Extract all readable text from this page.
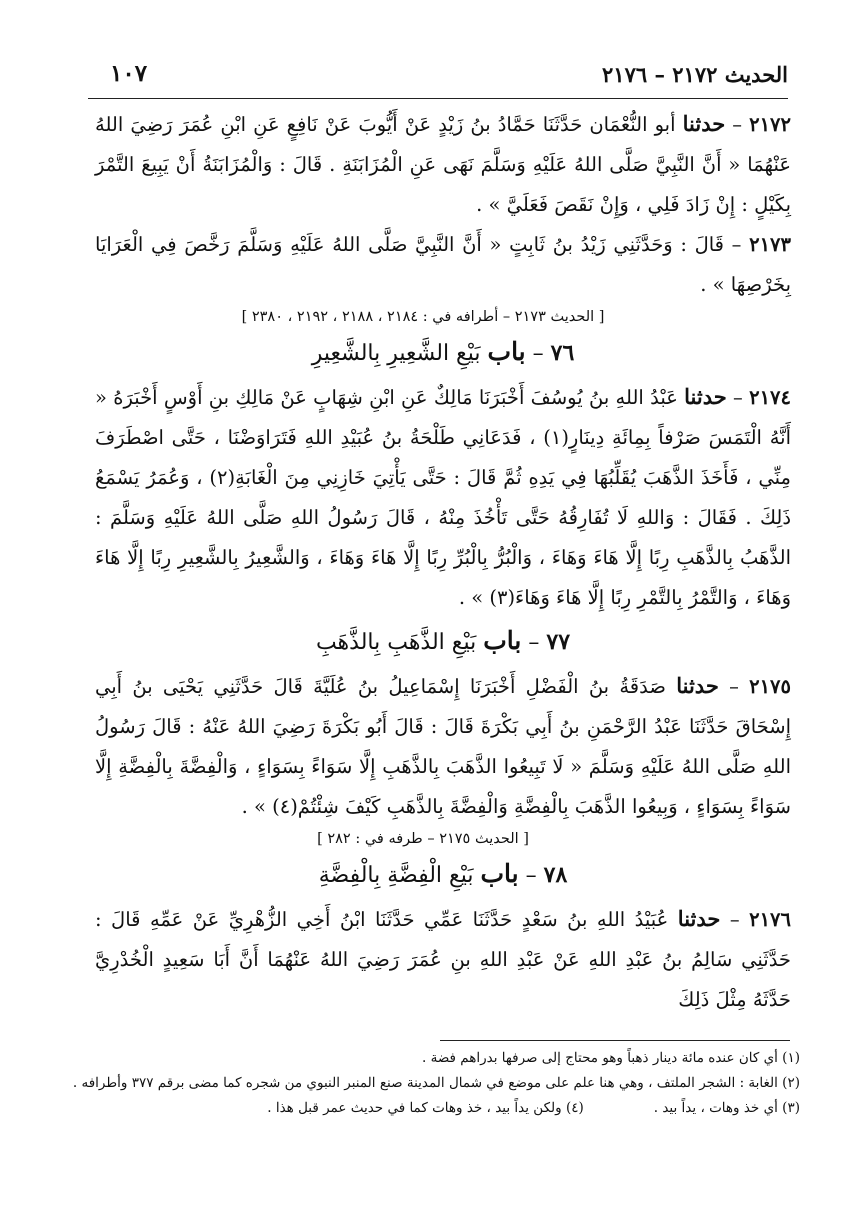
الحديث ٢١٧٢ – ٢١٧٦
١٠٧

٢١٧٢ – حدثنا أبو النُّعْمَان حَدَّثَنَا حَمَّادُ بنُ زَيْدٍ عَنْ أَيُّوبَ عَنْ نَافِعٍ عَنِ ابْنِ عُمَرَ رَضِيَ اللهُ عَنْهُمَا « أَنَّ النَّبِيَّ صَلَّى اللهُ عَلَيْهِ وَسَلَّمَ نَهَى عَنِ الْمُزَابَنَةِ . قَالَ : وَالْمُزَابَنَةُ أَنْ يَبِيعَ التَّمْرَ بِكَيْلٍ : إِنْ زَادَ فَلِي ، وَإِنْ نَقَصَ فَعَلَيَّ » .

٢١٧٣ – قَالَ : وَحَدَّثَنِي زَيْدُ بنُ ثَابِتٍ « أَنَّ النَّبِيَّ صَلَّى اللهُ عَلَيْهِ وَسَلَّمَ رَخَّصَ فِي الْعَرَايَا بِخَرْصِهَا » .

[ الحديث ٢١٧٣ – أطرافه في : ٢١٨٤ ، ٢١٨٨ ، ٢١٩٢ ، ٢٣٨٠ ]

٧٦ – باب بَيْعِ الشَّعِيرِ بِالشَّعِيرِ

٢١٧٤ – حدثنا عَبْدُ اللهِ بنُ يُوسُفَ أَخْبَرَنَا مَالِكٌ عَنِ ابْنِ شِهَابٍ عَنْ مَالِكِ بنِ أَوْسٍ أَخْبَرَهُ « أَنَّهُ الْتَمَسَ صَرْفاً بِمِائَةِ دِينَارٍ(١) ، فَدَعَانِي طَلْحَةُ بنُ عُبَيْدِ اللهِ فَتَرَاوَضْنَا ، حَتَّى اصْطَرَفَ مِنِّي ، فَأَخَذَ الذَّهَبَ يُقَلِّبُهَا فِي يَدِهِ ثُمَّ قَالَ : حَتَّى يَأْتِيَ خَازِنِي مِنَ الْغَابَةِ(٢) ، وَعُمَرُ يَسْمَعُ ذَلِكَ . فَقَالَ : وَاللهِ لَا تُفَارِقُهُ حَتَّى تَأْخُذَ مِنْهُ ، قَالَ رَسُولُ اللهِ صَلَّى اللهُ عَلَيْهِ وَسَلَّمَ : الذَّهَبُ بِالذَّهَبِ رِبًا إِلَّا هَاءَ وَهَاءَ ، وَالْبُرُّ بِالْبُرِّ رِبًا إِلَّا هَاءَ وَهَاءَ ، وَالشَّعِيرُ بِالشَّعِيرِ رِبًا إِلَّا هَاءَ وَهَاءَ ، وَالتَّمْرُ بِالتَّمْرِ رِبًا إِلَّا هَاءَ وَهَاءَ(٣) » .

٧٧ – باب بَيْعِ الذَّهَبِ بِالذَّهَبِ

٢١٧٥ – حدثنا صَدَقَةُ بنُ الْفَضْلِ أَخْبَرَنَا إِسْمَاعِيلُ بنُ عُلَيَّةَ قَالَ حَدَّثَنِي يَحْيَى بنُ أَبِي إِسْحَاقَ حَدَّثَنَا عَبْدُ الرَّحْمَنِ بنُ أَبِي بَكْرَةَ قَالَ : قَالَ أَبُو بَكْرَةَ رَضِيَ اللهُ عَنْهُ : قَالَ رَسُولُ اللهِ صَلَّى اللهُ عَلَيْهِ وَسَلَّمَ « لَا تَبِيعُوا الذَّهَبَ بِالذَّهَبِ إِلَّا سَوَاءً بِسَوَاءٍ ، وَالْفِضَّةَ بِالْفِضَّةِ إِلَّا سَوَاءً بِسَوَاءٍ ، وَبِيعُوا الذَّهَبَ بِالْفِضَّةِ وَالْفِضَّةَ بِالذَّهَبِ كَيْفَ شِئْتُمْ(٤) » .

[ الحديث ٢١٧٥ – طرفه في : ٢٨٢ ]

٧٨ – باب بَيْعِ الْفِضَّةِ بِالْفِضَّةِ

٢١٧٦ – حدثنا عُبَيْدُ اللهِ بنُ سَعْدٍ حَدَّثَنَا عَمِّي حَدَّثَنَا ابْنُ أَخِي الزُّهْرِيِّ عَنْ عَمِّهِ قَالَ : حَدَّثَنِي سَالِمُ بنُ عَبْدِ اللهِ عَنْ عَبْدِ اللهِ بنِ عُمَرَ رَضِيَ اللهُ عَنْهُمَا أَنَّ أَبَا سَعِيدٍ الْخُدْرِيَّ حَدَّثَهُ مِثْلَ ذَلِكَ

(١) أي كان عنده مائة دينار ذهباً وهو محتاج إلى صرفها بدراهم فضة .

(٢) الغابة : الشجر الملتف ، وهي هنا علم على موضع في شمال المدينة صنع المنبر النبوي من شجره كما مضى برقم ٣٧٧ وأطرافه .

(٣) أي خذ وهات ، يداً بيد .(٤) ولكن يداً بيد ، خذ وهات كما في حديث عمر قبل هذا .
